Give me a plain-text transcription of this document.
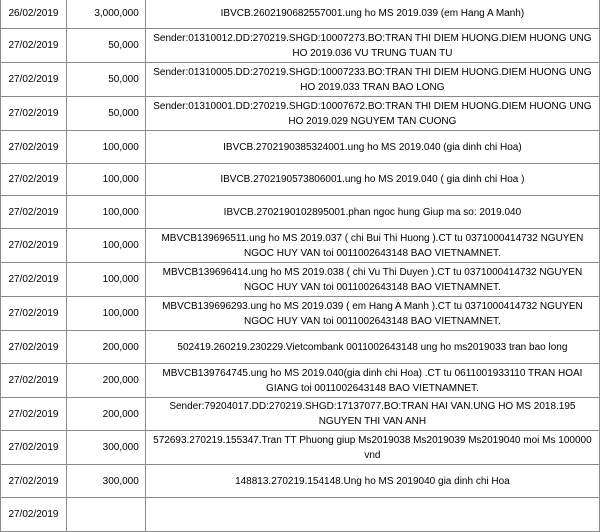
26/02/2019	3,000,000	IBVCB.2602190682557001.ung ho MS 2019.039 (em Hang A Manh)
27/02/2019	50,000	Sender:01310012.DD:270219.SHGD:10007273.BO:TRAN THI DIEM HUONG.DIEM HUONG UNG HO 2019.036 VU TRUNG TUAN TU
27/02/2019	50,000	Sender:01310005.DD:270219.SHGD:10007233.BO:TRAN THI DIEM HUONG.DIEM HUONG UNG HO 2019.033 TRAN BAO LONG
27/02/2019	50,000	Sender:01310001.DD:270219.SHGD:10007672.BO:TRAN THI DIEM HUONG.DIEM HUONG UNG HO 2019.029 NGUYEM TAN CUONG
27/02/2019	100,000	IBVCB.2702190385324001.ung ho MS 2019.040 (gia dinh chi Hoa)
27/02/2019	100,000	IBVCB.2702190573806001.ung ho MS 2019.040 ( gia dinh chi Hoa )
27/02/2019	100,000	IBVCB.2702190102895001.phan ngoc hung Giup ma so: 2019.040
27/02/2019	100,000	MBVCB139696511.ung ho MS 2019.037 ( chi Bui Thi Huong ).CT tu 0371000414732 NGUYEN NGOC HUY VAN toi 0011002643148 BAO VIETNAMNET.
27/02/2019	100,000	MBVCB139696414.ung ho MS 2019.038 ( chi Vu Thi Duyen ).CT tu 0371000414732 NGUYEN NGOC HUY VAN toi 0011002643148 BAO VIETNAMNET.
27/02/2019	100,000	MBVCB139696293.ung ho MS 2019.039 ( em Hang A Manh ).CT tu 0371000414732 NGUYEN NGOC HUY VAN toi 0011002643148 BAO VIETNAMNET.
27/02/2019	200,000	502419.260219.230229.Vietcombank 0011002643148 ung ho ms2019033 tran bao long
27/02/2019	200,000	MBVCB139764745.ung ho MS 2019.040(gia dinh chi Hoa) .CT tu 0611001933110 TRAN HOAI GIANG toi 0011002643148 BAO VIETNAMNET.
27/02/2019	200,000	Sender:79204017.DD:270219.SHGD:17137077.BO:TRAN HAI VAN.UNG HO MS 2018.195 NGUYEN THI VAN ANH
27/02/2019	300,000	572693.270219.155347.Tran TT Phuong giup Ms2019038 Ms2019039 Ms2019040 moi Ms 100000 vnd
27/02/2019	300,000	148813.270219.154148.Ung ho MS 2019040 gia dinh chi Hoa
27/02/2019		
